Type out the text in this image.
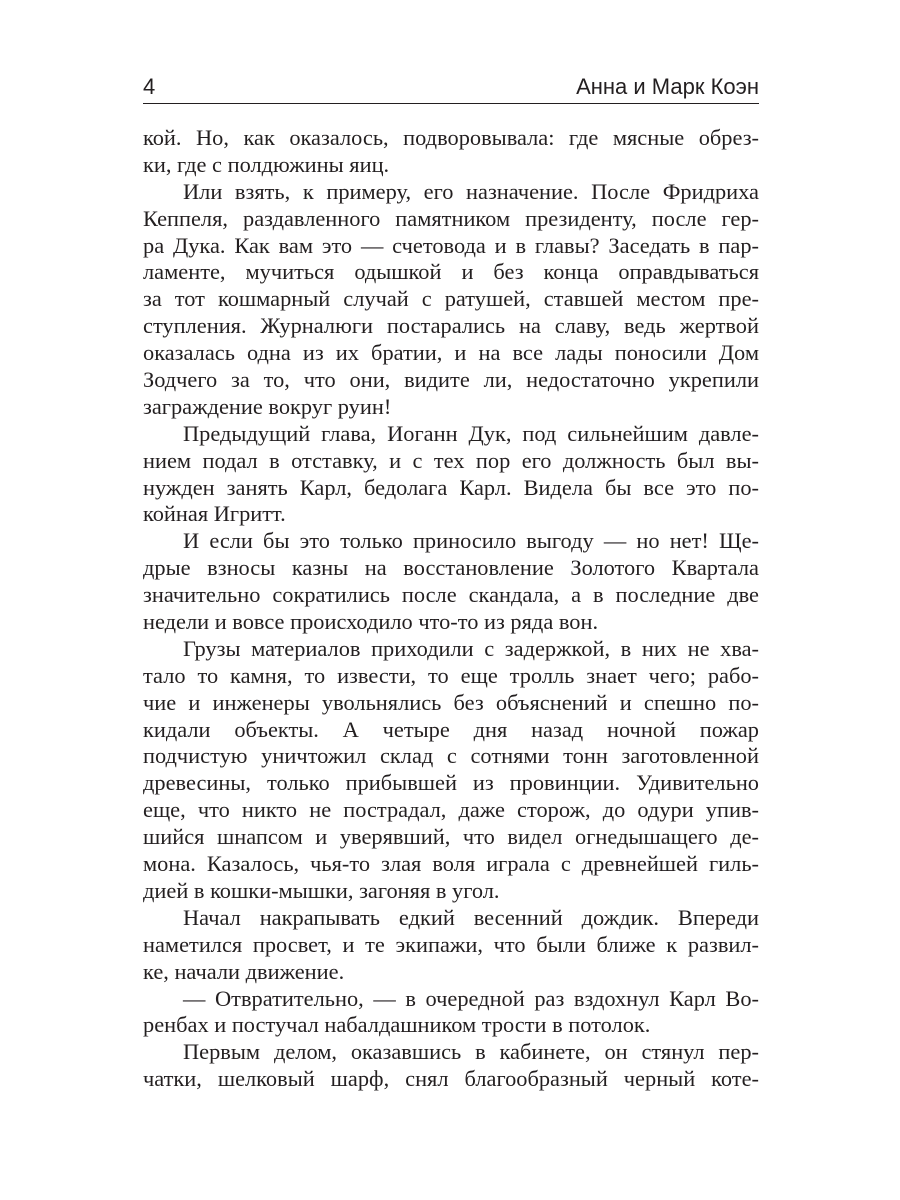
4	Анна и Марк Коэн
кой. Но, как оказалось, подворовывала: где мясные обрез-
ки, где с полдюжины яиц.
Или взять, к примеру, его назначение. После Фридриха
Кеппеля, раздавленного памятником президенту, после гер-
ра Дука. Как вам это — счетовода и в главы? Заседать в пар-
ламенте, мучиться одышкой и без конца оправдываться
за тот кошмарный случай с ратушей, ставшей местом пре-
ступления. Журналюги постарались на славу, ведь жертвой
оказалась одна из их братии, и на все лады поносили Дом
Зодчего за то, что они, видите ли, недостаточно укрепили
заграждение вокруг руин!
Предыдущий глава, Иоганн Дук, под сильнейшим давле-
нием подал в отставку, и с тех пор его должность был вы-
нужден занять Карл, бедолага Карл. Видела бы все это по-
койная Игритт.
И если бы это только приносило выгоду — но нет! Ще-
дрые взносы казны на восстановление Золотого Квартала
значительно сократились после скандала, а в последние две
недели и вовсе происходило что-то из ряда вон.
Грузы материалов приходили с задержкой, в них не хва-
тало то камня, то извести, то еще тролль знает чего; рабо-
чие и инженеры увольнялись без объяснений и спешно по-
кидали объекты. А четыре дня назад ночной пожар
подчистую уничтожил склад с сотнями тонн заготовленной
древесины, только прибывшей из провинции. Удивительно
еще, что никто не пострадал, даже сторож, до одури упив-
шийся шнапсом и уверявший, что видел огнедышащего де-
мона. Казалось, чья-то злая воля играла с древнейшей гиль-
дией в кошки-мышки, загоняя в угол.
Начал накрапывать едкий весенний дождик. Впереди
наметился просвет, и те экипажи, что были ближе к развил-
ке, начали движение.
— Отвратительно, — в очередной раз вздохнул Карл Во-
ренбах и постучал набалдашником трости в потолок.
Первым делом, оказавшись в кабинете, он стянул пер-
чатки, шелковый шарф, снял благообразный черный коте-
